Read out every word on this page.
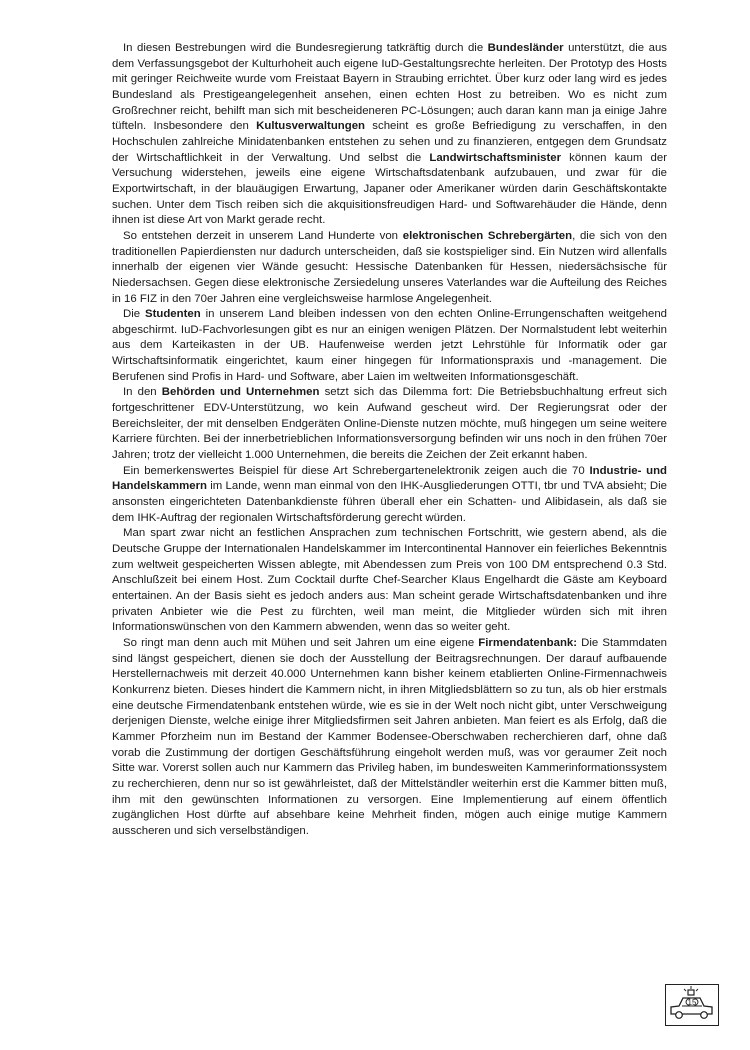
In diesen Bestrebungen wird die Bundesregierung tatkräftig durch die Bundesländer unterstützt, die aus dem Verfassungsgebot der Kulturhoheit auch eigene IuD-Gestaltungsrechte herleiten. Der Prototyp des Hosts mit geringer Reichweite wurde vom Freistaat Bayern in Straubing errichtet. Über kurz oder lang wird es jedes Bundesland als Prestigeangelegenheit ansehen, einen echten Host zu betreiben. Wo es nicht zum Großrechner reicht, behilft man sich mit bescheideneren PC-Lösungen; auch daran kann man ja einige Jahre tüfteln. Insbesondere den Kultusverwaltungen scheint es große Befriedigung zu verschaffen, in den Hochschulen zahlreiche Minidatenbanken entstehen zu sehen und zu finanzieren, entgegen dem Grundsatz der Wirtschaftlichkeit in der Verwaltung. Und selbst die Landwirtschaftsminister können kaum der Versuchung widerstehen, jeweils eine eigene Wirtschaftsdatenbank aufzubauen, und zwar für die Exportwirtschaft, in der blauäugigen Erwartung, Japaner oder Amerikaner würden darin Geschäftskontakte suchen. Unter dem Tisch reiben sich die akquisitionsfreudigen Hard- und Softwarehäuder die Hände, denn ihnen ist diese Art von Markt gerade recht.

So entstehen derzeit in unserem Land Hunderte von elektronischen Schrebergärten, die sich von den traditionellen Papierdiensten nur dadurch unterscheiden, daß sie kostspieliger sind. Ein Nutzen wird allenfalls innerhalb der eigenen vier Wände gesucht: Hessische Datenbanken für Hessen, niedersächsische für Niedersachsen. Gegen diese elektronische Zersiedelung unseres Vaterlandes war die Aufteilung des Reiches in 16 FIZ in den 70er Jahren eine vergleichsweise harmlose Angelegenheit.

Die Studenten in unserem Land bleiben indessen von den echten Online-Errungenschaften weitgehend abgeschirmt. IuD-Fachvorlesungen gibt es nur an einigen wenigen Plätzen. Der Normalstudent lebt weiterhin aus dem Karteikasten in der UB. Haufenweise werden jetzt Lehrstühle für Informatik oder gar Wirtschaftsinformatik eingerichtet, kaum einer hingegen für Informationspraxis und -management. Die Berufenen sind Profis in Hard- und Software, aber Laien im weltweiten Informationsgeschäft.

In den Behörden und Unternehmen setzt sich das Dilemma fort: Die Betriebsbuchhaltung erfreut sich fortgeschrittener EDV-Unterstützung, wo kein Aufwand gescheut wird. Der Regierungsrat oder der Bereichsleiter, der mit denselben Endgeräten Online-Dienste nutzen möchte, muß hingegen um seine weitere Karriere fürchten. Bei der innerbetrieblichen Informationsversorgung befinden wir uns noch in den frühen 70er Jahren; trotz der vielleicht 1.000 Unternehmen, die bereits die Zeichen der Zeit erkannt haben.

Ein bemerkenswertes Beispiel für diese Art Schrebergartenelektronik zeigen auch die 70 Industrie- und Handelskammern im Lande, wenn man einmal von den IHK-Ausgliederungen OTTI, tbr und TVA absieht; Die ansonsten eingerichteten Datenbankdienste führen überall eher ein Schatten- und Alibidasein, als daß sie dem IHK-Auftrag der regionalen Wirtschaftsförderung gerecht würden.

Man spart zwar nicht an festlichen Ansprachen zum technischen Fortschritt, wie gestern abend, als die Deutsche Gruppe der Internationalen Handelskammer im Intercontinental Hannover ein feierliches Bekenntnis zum weltweit gespeicherten Wissen ablegte, mit Abendessen zum Preis von 100 DM entsprechend 0.3 Std. Anschlußzeit bei einem Host. Zum Cocktail durfte Chef-Searcher Klaus Engelhardt die Gäste am Keyboard entertainen. An der Basis sieht es jedoch anders aus: Man scheint gerade Wirtschaftsdatenbanken und ihre privaten Anbieter wie die Pest zu fürchten, weil man meint, die Mitglieder würden sich mit ihren Informationswünschen von den Kammern abwenden, wenn das so weiter geht.

So ringt man denn auch mit Mühen und seit Jahren um eine eigene Firmendatenbank: Die Stammdaten sind längst gespeichert, dienen sie doch der Ausstellung der Beitragsrechnungen. Der darauf aufbauende Herstellernachweis mit derzeit 40.000 Unternehmen kann bisher keinem etablierten Online-Firmennachweis Konkurrenz bieten. Dieses hindert die Kammern nicht, in ihren Mitgliedsblättern so zu tun, als ob hier erstmals eine deutsche Firmendatenbank entstehen würde, wie es sie in der Welt noch nicht gibt, unter Verschweigung derjenigen Dienste, welche einige ihrer Mitgliedsfirmen seit Jahren anbieten. Man feiert es als Erfolg, daß die Kammer Pforzheim nun im Bestand der Kammer Bodensee-Oberschwaben recherchieren darf, ohne daß vorab die Zustimmung der dortigen Geschäftsführung eingeholt werden muß, was vor geraumer Zeit noch Sitte war. Vorerst sollen auch nur Kammern das Privileg haben, im bundesweiten Kammerinformationssystem zu recherchieren, denn nur so ist gewährleistet, daß der Mittelständler weiterhin erst die Kammer bitten muß, ihm mit den gewünschten Informationen zu versorgen. Eine Implementierung auf einem öffentlich zugänglichen Host dürfte auf absehbare keine Mehrheit finden, mögen auch einige mutige Kammern ausscheren und sich verselbständigen.

15
